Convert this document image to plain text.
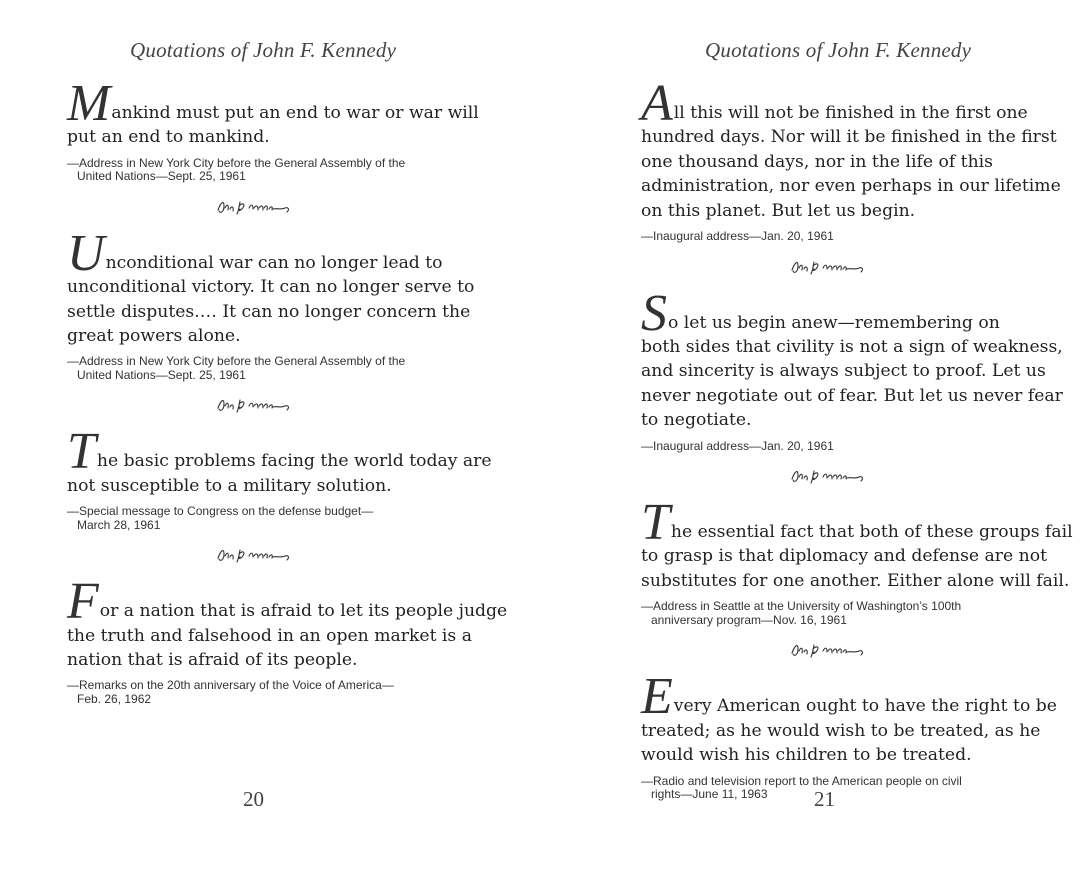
Quotations of John F. Kennedy
Mankind must put an end to war or war will
put an end to mankind.
—Address in New York City before the General Assembly of the
United Nations—Sept. 25, 1961
Unconditional war can no longer lead to
unconditional victory. It can no longer serve to
settle disputes.… It can no longer concern the
great powers alone.
—Address in New York City before the General Assembly of the
United Nations—Sept. 25, 1961
The basic problems facing the world today are
not susceptible to a military solution.
—Special message to Congress on the defense budget—
March 28, 1961
For a nation that is afraid to let its people judge
the truth and falsehood in an open market is a
nation that is afraid of its people.
—Remarks on the 20th anniversary of the Voice of America—
Feb. 26, 1962
20
Quotations of John F. Kennedy
All this will not be finished in the first one
hundred days. Nor will it be finished in the first
one thousand days, nor in the life of this
administration, nor even perhaps in our lifetime
on this planet. But let us begin.
—Inaugural address—Jan. 20, 1961
So let us begin anew—remembering on
both sides that civility is not a sign of weakness,
and sincerity is always subject to proof. Let us
never negotiate out of fear. But let us never fear
to negotiate.
—Inaugural address—Jan. 20, 1961
The essential fact that both of these groups fail
to grasp is that diplomacy and defense are not
substitutes for one another. Either alone will fail.
—Address in Seattle at the University of Washington’s 100th
anniversary program—Nov. 16, 1961
Every American ought to have the right to be
treated; as he would wish to be treated, as he
would wish his children to be treated.
—Radio and television report to the American people on civil
rights—June 11, 1963	21
